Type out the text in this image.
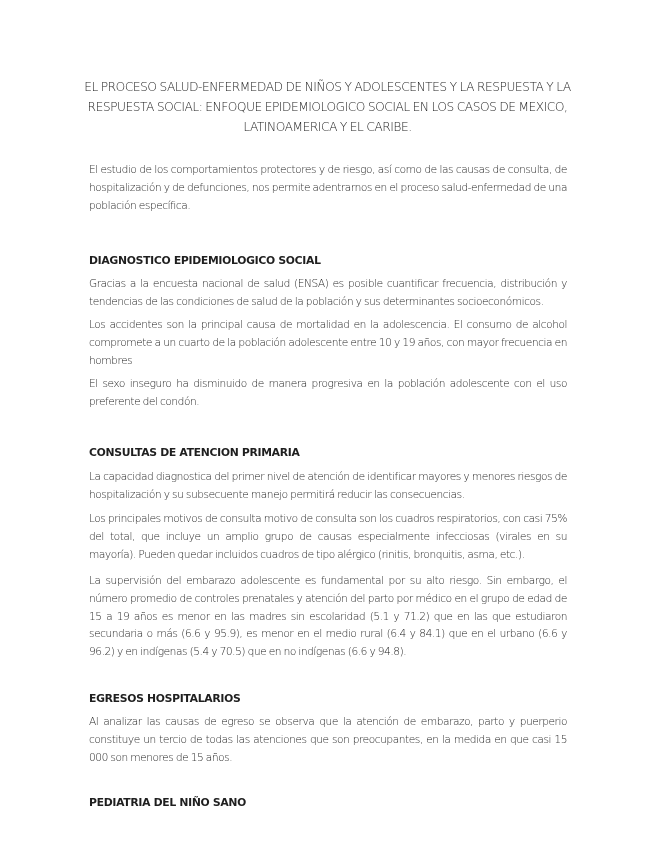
EL PROCESO SALUD-ENFERMEDAD DE NIÑOS Y ADOLESCENTES Y LA RESPUESTA Y LA RESPUESTA SOCIAL: ENFOQUE EPIDEMIOLOGICO SOCIAL EN LOS CASOS DE MEXICO, LATINOAMERICA Y EL CARIBE.

El estudio de los comportamientos protectores y de riesgo, así como de las causas de consulta, de hospitalización y de defunciones, nos permite adentrarnos en el proceso salud-enfermedad de una población específica.

DIAGNOSTICO EPIDEMIOLOGICO SOCIAL

Gracias a la encuesta nacional de salud (ENSA) es posible cuantificar frecuencia, distribución y tendencias de las condiciones de salud de la población y sus determinantes socioeconómicos.

Los accidentes son la principal causa de mortalidad en la adolescencia. El consumo de alcohol compromete a un cuarto de la población adolescente entre 10 y 19 años, con mayor frecuencia en hombres

El sexo inseguro ha disminuido de manera progresiva en la población adolescente con el uso preferente del condón.

CONSULTAS DE ATENCION PRIMARIA

La capacidad diagnostica del primer nivel de atención de identificar mayores y menores riesgos de hospitalización y su subsecuente manejo permitirá reducir las consecuencias.

Los principales motivos de consulta motivo de consulta son los cuadros respiratorios, con casi 75% del total, que incluye un amplio grupo de causas especialmente infecciosas (virales en su mayoría). Pueden quedar incluidos cuadros de tipo alérgico (rinitis, bronquitis, asma, etc.).

La supervisión del embarazo adolescente es fundamental por su alto riesgo. Sin embargo, el número promedio de controles prenatales y atención del parto por médico en el grupo de edad de 15 a 19 años es menor en las madres sin escolaridad (5.1 y 71.2) que en las que estudiaron secundaria o más (6.6 y 95.9), es menor en el medio rural (6.4 y 84.1) que en el urbano (6.6 y 96.2) y en indígenas (5.4 y 70.5) que en no indígenas (6.6 y 94.8).

EGRESOS HOSPITALARIOS

Al analizar las causas de egreso se observa que la atención de embarazo, parto y puerperio constituye un tercio de todas las atenciones que son preocupantes, en la medida en que casi 15 000 son menores de 15 años.

PEDIATRIA DEL NIÑO SANO
